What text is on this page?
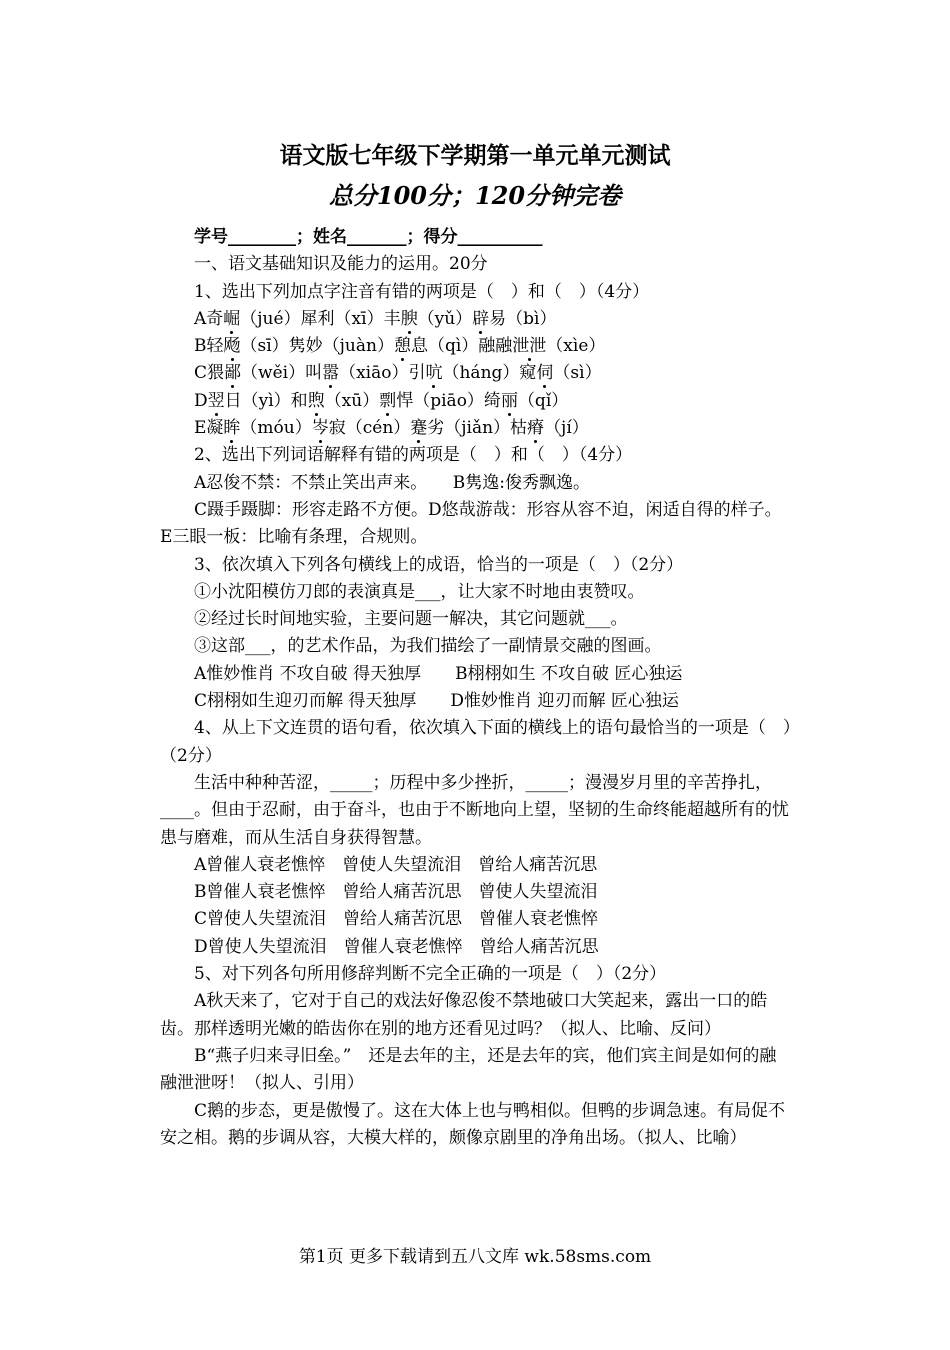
语文版七年级下学期第一单元单元测试
总分100分；120分钟完卷

学号________；姓名_______；得分__________

一、语文基础知识及能力的运用。20分

1、选出下列加点字注音有错的两项是（　）和（　）（4分）

A奇崛（jué）犀利（xī）丰腴（yǔ）辟易（bì）

B轻飏（sī）隽妙（juàn）憩息（qì）融融泄泄（xìe）

C猥鄙（wěi）叫嚣（xiāo）引吭（háng）窥伺（sì）

D翌日（yì）和煦（xū）剽悍（piāo）绮丽（qǐ）

E凝眸（móu）岑寂（cén）蹇劣（jiǎn）枯瘠（jí）

2、选出下列词语解释有错的两项是（　）和（　）（4分）

A忍俊不禁：不禁止笑出声来。　　B隽逸:俊秀飘逸。

C蹑手蹑脚：形容走路不方便。D悠哉游哉：形容从容不迫，闲适自得的样子。E三眼一板：比喻有条理，合规则。

3、依次填入下列各句横线上的成语，恰当的一项是（　）（2分）

①小沈阳模仿刀郎的表演真是___，让大家不时地由衷赞叹。

②经过长时间地实验，主要问题一解决，其它问题就___。

③这部___，的艺术作品，为我们描绘了一副情景交融的图画。

A惟妙惟肖 不攻自破 得天独厚　　B栩栩如生 不攻自破 匠心独运

C栩栩如生迎刃而解 得天独厚　　D惟妙惟肖 迎刃而解 匠心独运

4、从上下文连贯的语句看，依次填入下面的横线上的语句最恰当的一项是（　）（2分）

生活中种种苦涩，_____；历程中多少挫折，_____；漫漫岁月里的辛苦挣扎，____。但由于忍耐，由于奋斗，也由于不断地向上望，坚韧的生命终能超越所有的忧患与磨难，而从生活自身获得智慧。

A曾催人衰老憔悴　曾使人失望流泪　曾给人痛苦沉思

B曾催人衰老憔悴　曾给人痛苦沉思　曾使人失望流泪

C曾使人失望流泪　曾给人痛苦沉思　曾催人衰老憔悴

D曾使人失望流泪　曾催人衰老憔悴　曾给人痛苦沉思

5、对下列各句所用修辞判断不完全正确的一项是（　）（2分）

A秋天来了，它对于自己的戏法好像忍俊不禁地破口大笑起来，露出一口的皓齿。那样透明光嫩的皓齿你在别的地方还看见过吗？（拟人、比喻、反问）

B“燕子归来寻旧垒。”　还是去年的主，还是去年的宾，他们宾主间是如何的融融泄泄呀！（拟人、引用）

C鹅的步态，更是傲慢了。这在大体上也与鸭相似。但鸭的步调急速。有局促不安之相。鹅的步调从容，大模大样的，颇像京剧里的净角出场。（拟人、比喻）

第1页 更多下载请到五八文库 wk.58sms.com
